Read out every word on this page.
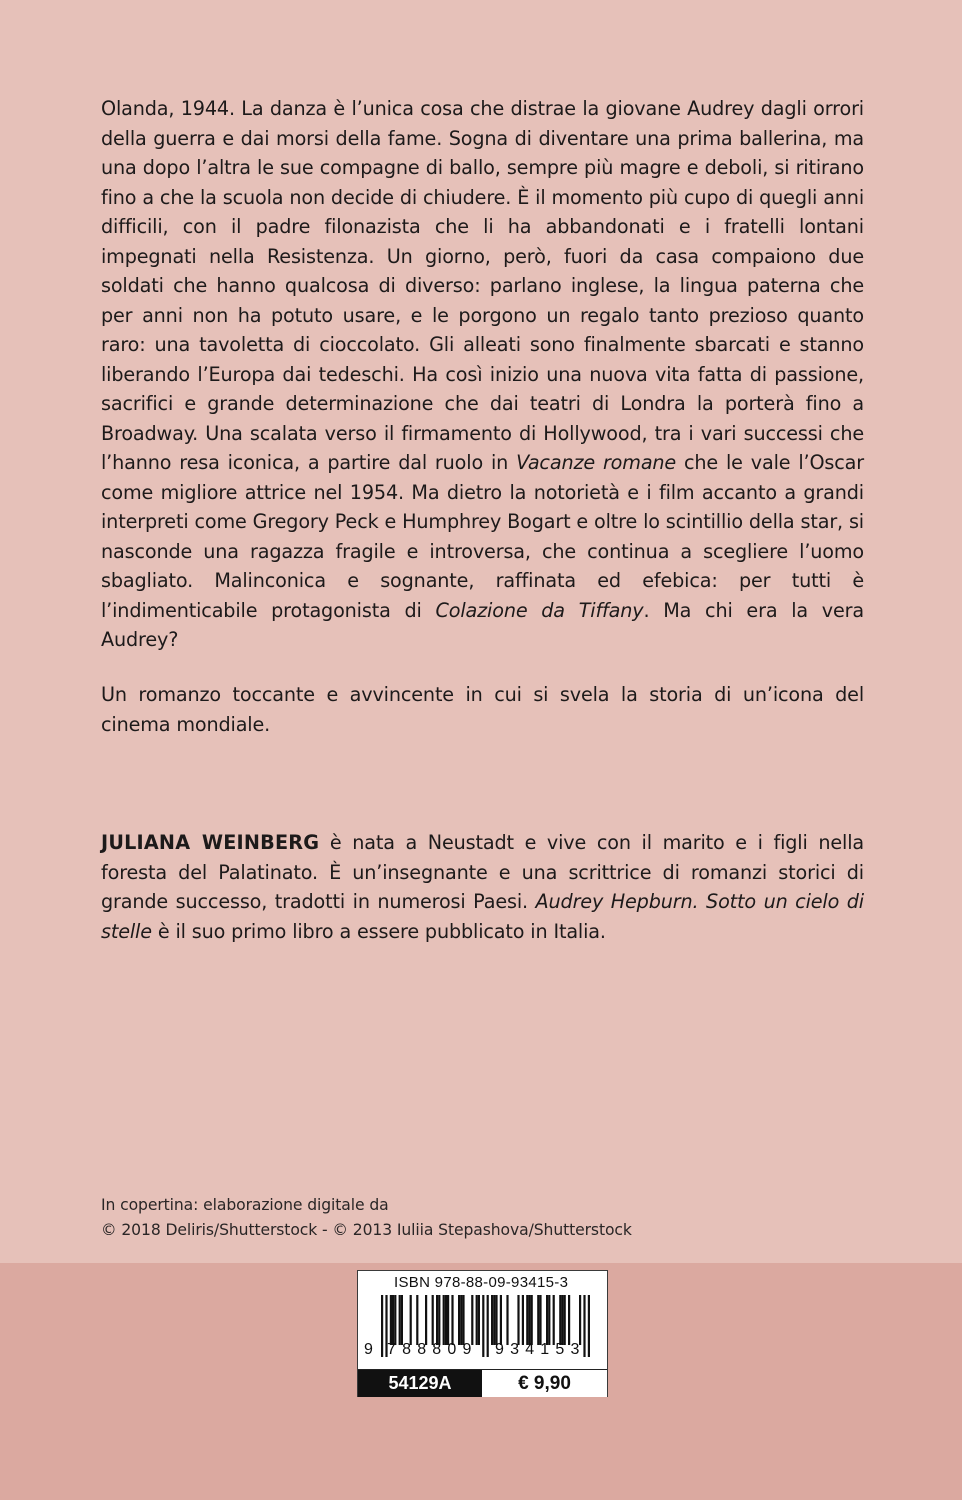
Olanda, 1944. La danza è l’unica cosa che distrae la giovane Audrey dagli orrori della guerra e dai morsi della fame. Sogna di diventare una prima ballerina, ma una dopo l’altra le sue compagne di ballo, sempre più magre e deboli, si ritirano fino a che la scuola non decide di chiudere. È il momento più cupo di quegli anni difficili, con il padre filonazista che li ha abbandonati e i fratelli lontani impegnati nella Resistenza. Un giorno, però, fuori da casa compaiono due soldati che hanno qualcosa di diverso: parlano inglese, la lingua paterna che per anni non ha potuto usare, e le porgono un regalo tanto prezioso quanto raro: una tavoletta di cioccolato. Gli alleati sono finalmente sbarcati e stanno liberando l’Europa dai tedeschi. Ha così inizio una nuova vita fatta di passione, sacrifici e grande determinazione che dai teatri di Londra la porterà fino a Broadway. Una scalata verso il firmamento di Hollywood, tra i vari successi che l’hanno resa iconica, a partire dal ruolo in Vacanze romane che le vale l’Oscar come migliore attrice nel 1954. Ma dietro la notorietà e i film accanto a grandi interpreti come Gregory Peck e Humphrey Bogart e oltre lo scintillio della star, si nasconde una ragazza fragile e introversa, che continua a scegliere l’uomo sbagliato. Malinconica e sognante, raffinata ed efebica: per tutti è l’indimenticabile protagonista di Colazione da Tiffany. Ma chi era la vera Audrey?

Un romanzo toccante e avvincente in cui si svela la storia di un’icona del cinema mondiale.

JULIANA WEINBERG è nata a Neustadt e vive con il marito e i figli nella foresta del Palatinato. È un’insegnante e una scrittrice di romanzi storici di grande successo, tradotti in numerosi Paesi. Audrey Hepburn. Sotto un cielo di stelle è il suo primo libro a essere pubblicato in Italia.

In copertina: elaborazione digitale da
© 2018 Deliris/Shutterstock - © 2013 Iuliia Stepashova/Shutterstock
ISBN 978-88-09-93415-3
9 788809 934153
54129A	€ 9,90
